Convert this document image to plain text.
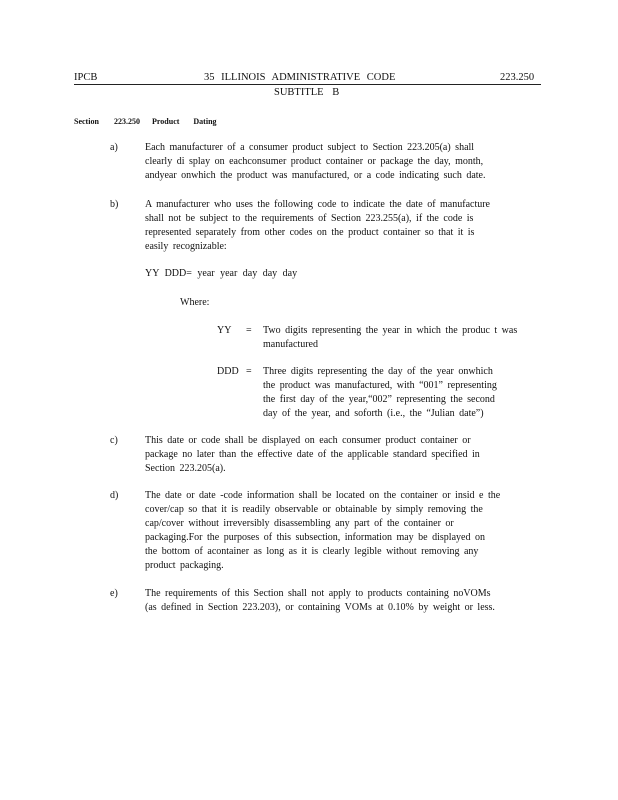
IPCB	35 ILLINOIS ADMINISTRATIVE CODE	223.250
SUBTITLE B
Section 223.250 Product Dating
a)	Each manufacturer of a consumer product subject to Section 223.205(a) shall
clearly di splay on eachconsumer product container or package the day, month,
andyear onwhich the product was manufactured, or a code indicating such date.
b)	A manufacturer who uses the following code to indicate the date of manufacture
shall not be subject to the requirements of Section 223.255(a), if the code is
represented separately from other codes on the product container so that it is
easily recognizable:
YY DDD= year year day day day
Where:
YY = Two digits representing the year in which the produc t was
manufactured
DDD = Three digits representing the day of the year onwhich
the product was manufactured, with “001” representing
the first day of the year,“002” representing the second
day of the year, and soforth (i.e., the “Julian date”)
c)	This date or code shall be displayed on each consumer product container or
package no later than the effective date of the applicable standard specified in
Section 223.205(a).
d)	The date or date -code information shall be located on the container or insid e the
cover/cap so that it is readily observable or obtainable by simply removing the
cap/cover without irreversibly disassembling any part of the container or
packaging.For the purposes of this subsection, information may be displayed on
the bottom of acontainer as long as it is clearly legible without removing any
product packaging.
e)	The requirements of this Section shall not apply to products containing noVOMs
(as defined in Section 223.203), or containing VOMs at 0.10% by weight or less.
